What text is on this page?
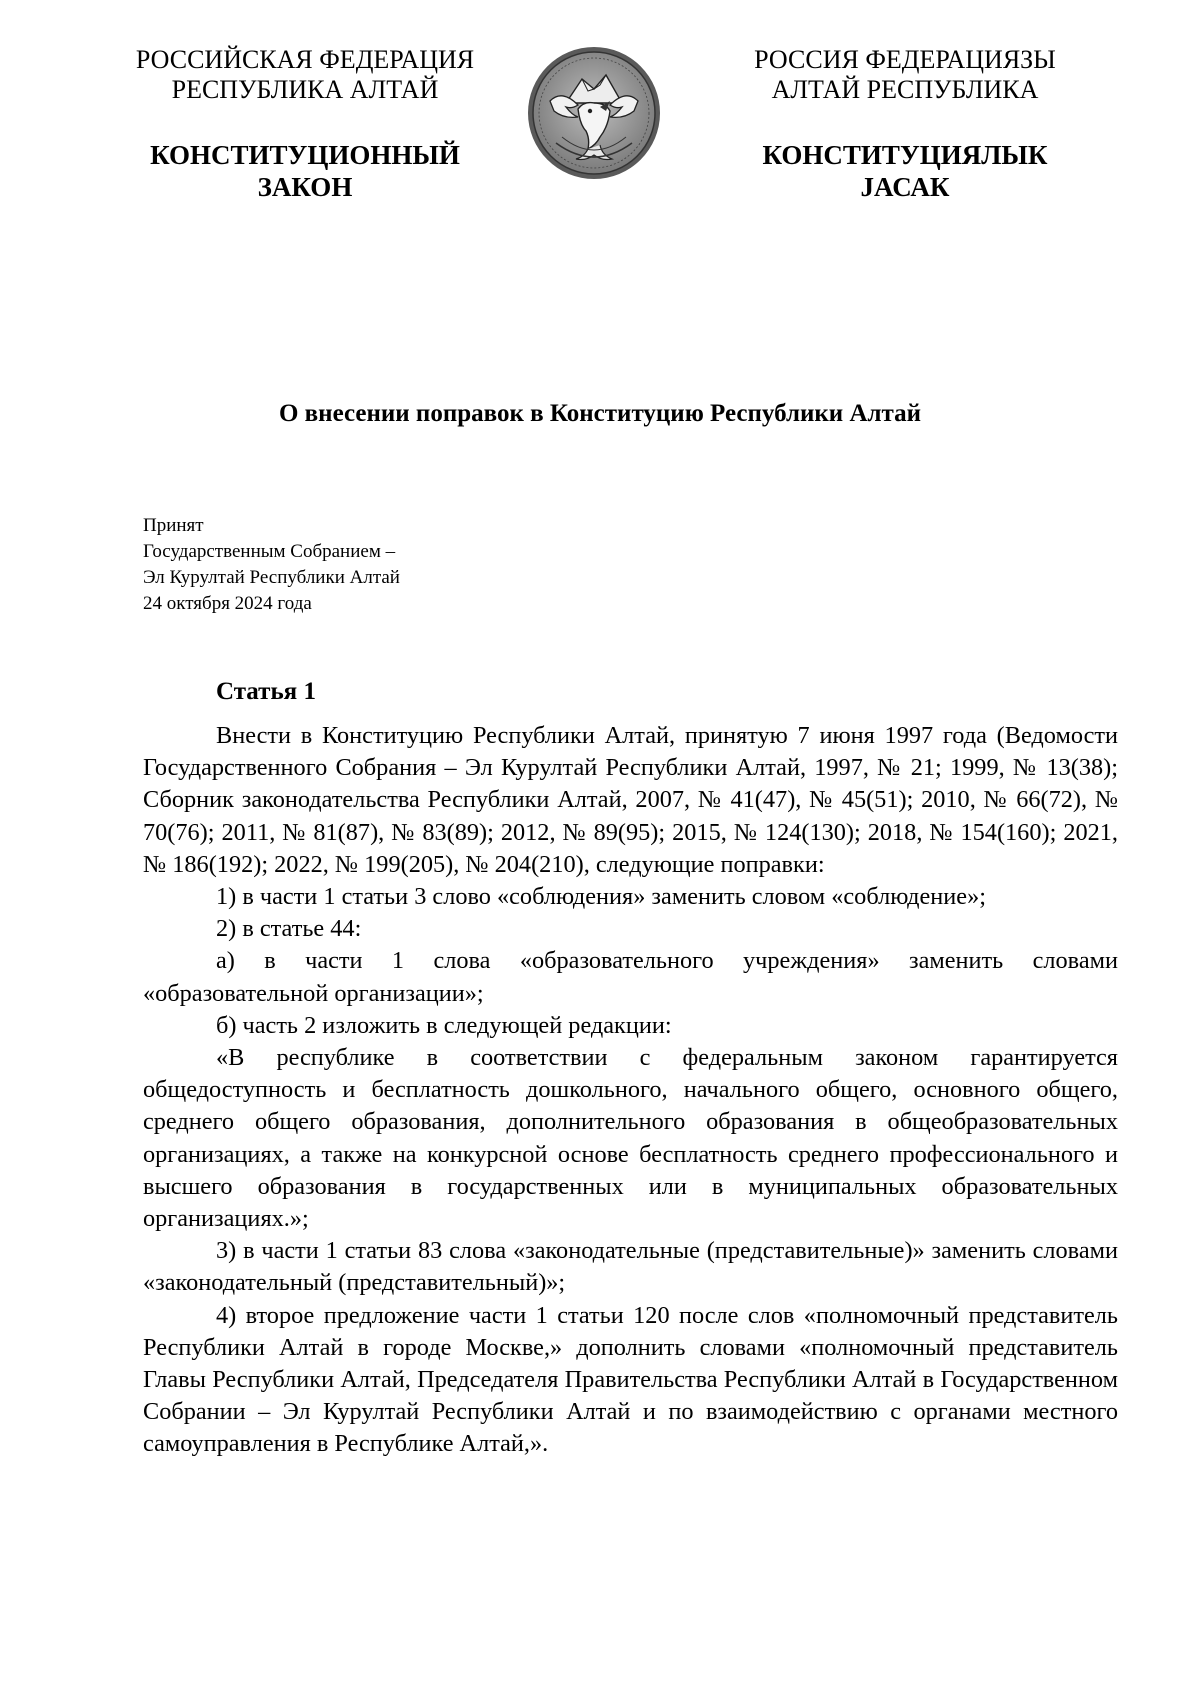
РОССИЙСКАЯ ФЕДЕРАЦИЯ
РЕСПУБЛИКА АЛТАЙ
КОНСТИТУЦИОННЫЙ
ЗАКОН
РОССИЯ ФЕДЕРАЦИЯЗЫ
АЛТАЙ РЕСПУБЛИКА
КОНСТИТУЦИЯЛЫК
JАСАК
О внесении поправок в Конституцию Республики Алтай
Принят
Государственным Собранием –
Эл Курултай Республики Алтай
24 октября 2024 года
Статья 1

Внести в Конституцию Республики Алтай, принятую 7 июня 1997 года (Ведомости Государственного Собрания – Эл Курултай Республики Алтай, 1997, № 21; 1999, № 13(38); Сборник законодательства Республики Алтай, 2007, № 41(47), № 45(51); 2010, № 66(72), № 70(76); 2011, № 81(87), № 83(89); 2012, № 89(95); 2015, № 124(130); 2018, № 154(160); 2021, № 186(192); 2022, № 199(205), № 204(210), следующие поправки:

1) в части 1 статьи 3 слово «соблюдения» заменить словом «соблюдение»;

2) в статье 44:

а) в части 1 слова «образовательного учреждения» заменить словами «образовательной организации»;

б) часть 2 изложить в следующей редакции:

«В республике в соответствии с федеральным законом гарантируется общедоступность и бесплатность дошкольного, начального общего, основного общего, среднего общего образования, дополнительного образования в общеобразовательных организациях, а также на конкурсной основе бесплатность среднего профессионального и высшего образования в государственных или в муниципальных образовательных организациях.»;

3) в части 1 статьи 83 слова «законодательные (представительные)» заменить словами «законодательный (представительный)»;

4) второе предложение части 1 статьи 120 после слов «полномочный представитель Республики Алтай в городе Москве,» дополнить словами «полномочный представитель Главы Республики Алтай, Председателя Правительства Республики Алтай в Государственном Собрании – Эл Курултай Республики Алтай и по взаимодействию с органами местного самоуправления в Республике Алтай,».
